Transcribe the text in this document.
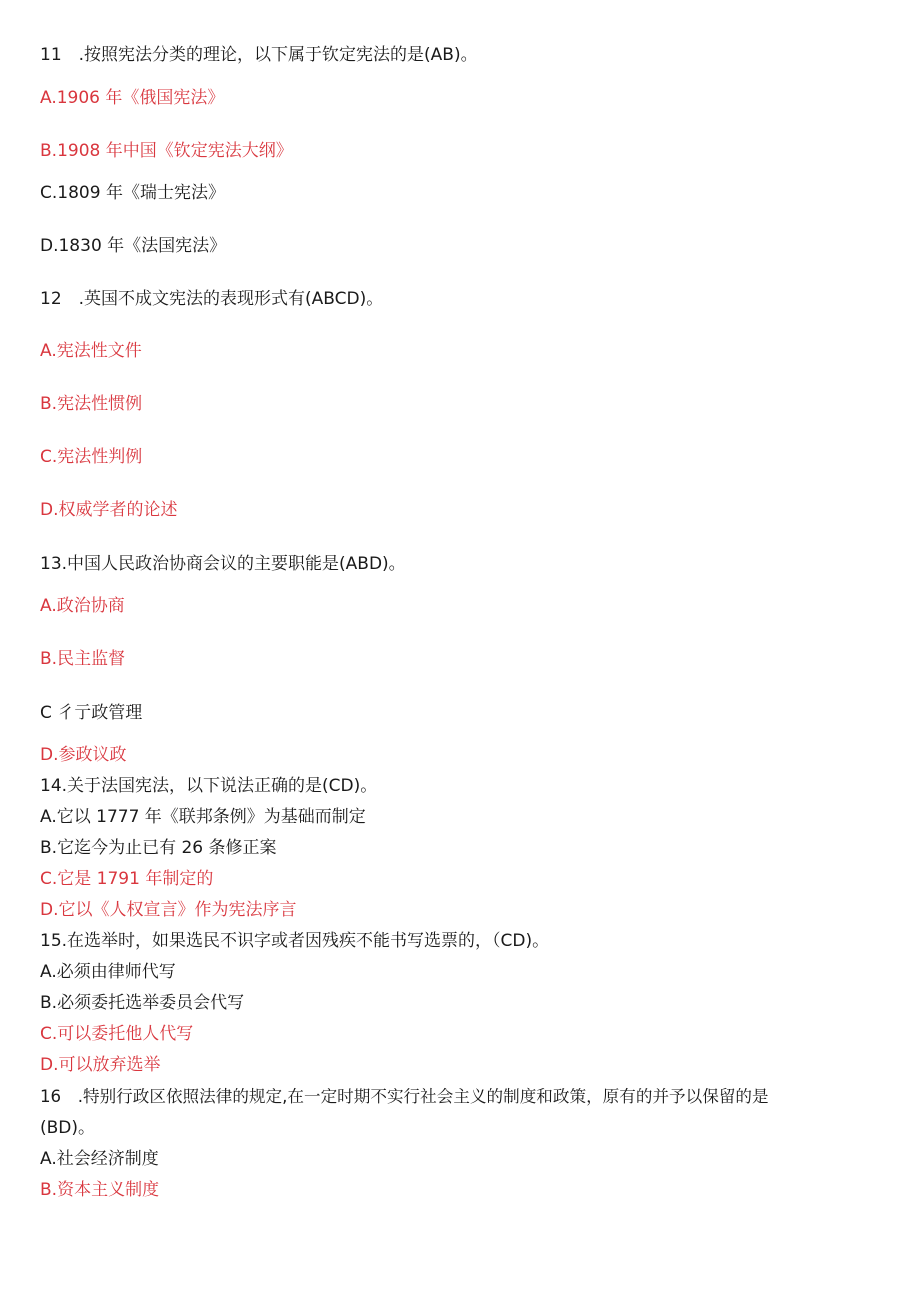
11　.按照宪法分类的理论，以下属于钦定宪法的是(AB)。
A.1906 年《俄国宪法》
B.1908 年中国《钦定宪法大纲》
C.1809 年《瑞士宪法》
D.1830 年《法国宪法》
12　.英国不成文宪法的表现形式有(ABCD)。
A.宪法性文件
B.宪法性惯例
C.宪法性判例
D.权威学者的论述
13.中国人民政治协商会议的主要职能是(ABD)。
A.政治协商
B.民主监督
C 彳亍政管理
D.参政议政
14.关于法国宪法，以下说法正确的是(CD)。
A.它以 1777 年《联邦条例》为基础而制定
B.它迄今为止已有 26 条修正案
C.它是 1791 年制定的
D.它以《人权宣言》作为宪法序言
15.在选举时，如果选民不识字或者因残疾不能书写选票的，（CD)。
A.必须由律师代写
B.必须委托选举委员会代写
C.可以委托他人代写
D.可以放弃选举
16　.特别行政区依照法律的规定,在一定时期不实行社会主义的制度和政策，原有的并予以保留的是
(BD)。
A.社会经济制度
B.资本主义制度
